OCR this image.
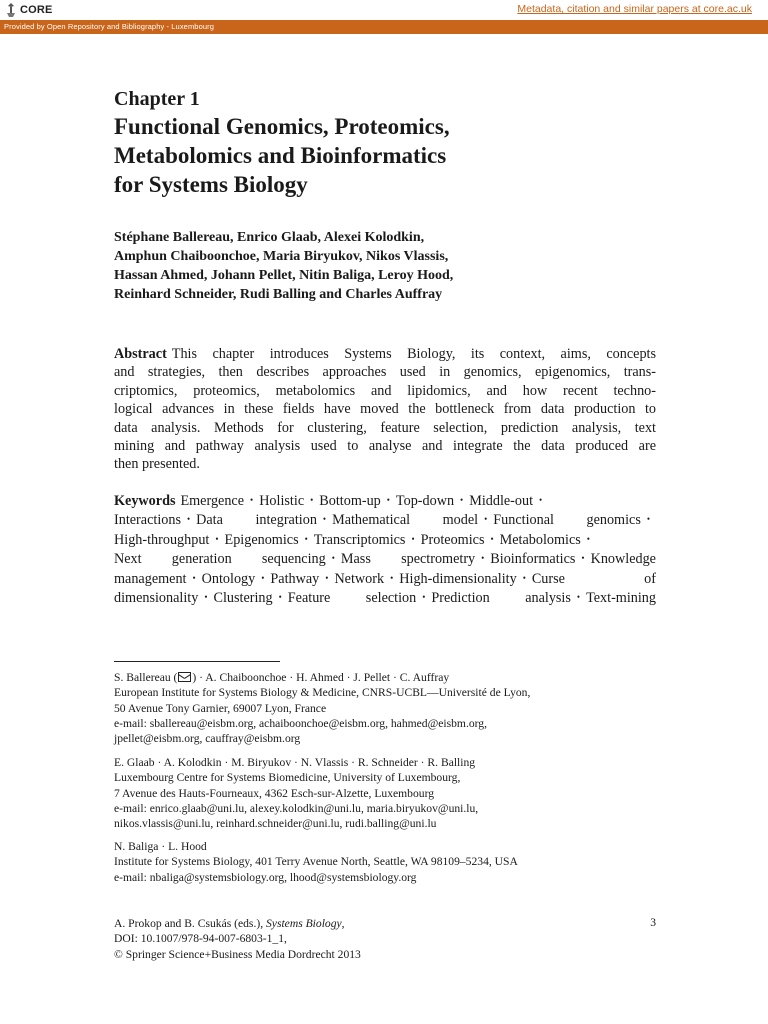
CORE	Metadata, citation and similar papers at core.ac.uk
Provided by Open Repository and Bibliography - Luxembourg
Chapter 1
Functional Genomics, Proteomics,
Metabolomics and Bioinformatics
for Systems Biology
Stéphane Ballereau, Enrico Glaab, Alexei Kolodkin,
Amphun Chaiboonchoe, Maria Biryukov, Nikos Vlassis,
Hassan Ahmed, Johann Pellet, Nitin Baliga, Leroy Hood,
Reinhard Schneider, Rudi Balling and Charles Auffray
Abstract This chapter introduces Systems Biology, its context, aims, concepts
and strategies, then describes approaches used in genomics, epigenomics, trans-
criptomics, proteomics, metabolomics and lipidomics, and how recent techno-
logical advances in these fields have moved the bottleneck from data production to
data analysis. Methods for clustering, feature selection, prediction analysis, text
mining and pathway analysis used to analyse and integrate the data produced are
then presented.
Keywords Emergence • Holistic • Bottom-up • Top-down • Middle-out •
Interactions • Data integration • Mathematical model • Functional genomics •
High-throughput • Epigenomics • Transcriptomics • Proteomics • Metabolomics •
Next generation sequencing • Mass spectrometry • Bioinformatics • Knowledge
management • Ontology • Pathway • Network • High-dimensionality • Curse of
dimensionality • Clustering • Feature selection • Prediction analysis • Text-mining
S. Ballereau ( ) · A. Chaiboonchoe · H. Ahmed · J. Pellet · C. Auffray
European Institute for Systems Biology & Medicine, CNRS-UCBL—Université de Lyon,
50 Avenue Tony Garnier, 69007 Lyon, France
e-mail: sballereau@eisbm.org, achaiboonchoe@eisbm.org, hahmed@eisbm.org,
jpellet@eisbm.org, cauffray@eisbm.org
E. Glaab · A. Kolodkin · M. Biryukov · N. Vlassis · R. Schneider · R. Balling
Luxembourg Centre for Systems Biomedicine, University of Luxembourg,
7 Avenue des Hauts-Fourneaux, 4362 Esch-sur-Alzette, Luxembourg
e-mail: enrico.glaab@uni.lu, alexey.kolodkin@uni.lu, maria.biryukov@uni.lu,
nikos.vlassis@uni.lu, reinhard.schneider@uni.lu, rudi.balling@uni.lu
N. Baliga · L. Hood
Institute for Systems Biology, 401 Terry Avenue North, Seattle, WA 98109–5234, USA
e-mail: nbaliga@systemsbiology.org, lhood@systemsbiology.org
A. Prokop and B. Csukás (eds.), Systems Biology,
DOI: 10.1007/978-94-007-6803-1_1,
© Springer Science+Business Media Dordrecht 2013
3
